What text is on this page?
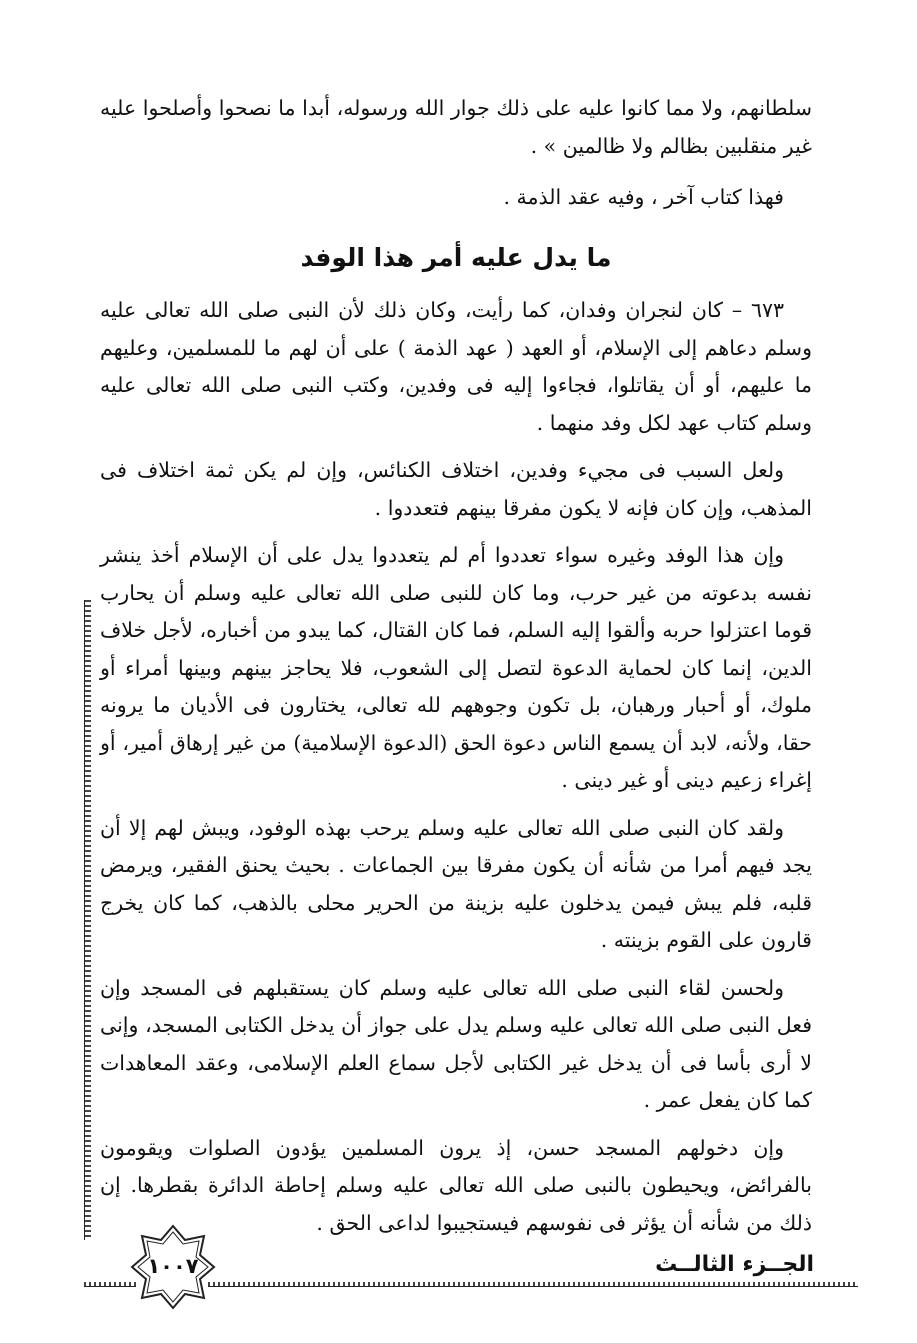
سلطانهم، ولا مما كانوا عليه على ذلك جوار الله ورسوله، أبدا ما نصحوا وأصلحوا عليه غير منقلبين بظالم ولا ظالمين » .

فهذا كتاب آخر ، وفيه عقد الذمة .

ما يدل عليه أمر هذا الوفد

٦٧٣ – كان لنجران وفدان، كما رأيت، وكان ذلك لأن النبى صلى الله تعالى عليه وسلم دعاهم إلى الإسلام، أو العهد ( عهد الذمة ) على أن لهم ما للمسلمين، وعليهم ما عليهم، أو أن يقاتلوا، فجاءوا إليه فى وفدين، وكتب النبى صلى الله تعالى عليه وسلم كتاب عهد لكل وفد منهما .

ولعل السبب فى مجيء وفدين، اختلاف الكنائس، وإن لم يكن ثمة اختلاف فى المذهب، وإن كان فإنه لا يكون مفرقا بينهم فتعددوا .

وإن هذا الوفد وغيره سواء تعددوا أم لم يتعددوا يدل على أن الإسلام أخذ ينشر نفسه بدعوته من غير حرب، وما كان للنبى صلى الله تعالى عليه وسلم أن يحارب قوما اعتزلوا حربه وألقوا إليه السلم، فما كان القتال، كما يبدو من أخباره، لأجل خلاف الدين، إنما كان لحماية الدعوة لتصل إلى الشعوب، فلا يحاجز بينهم وبينها أمراء أو ملوك، أو أحبار ورهبان، بل تكون وجوههم لله تعالى، يختارون فى الأديان ما يرونه حقا، ولأنه، لابد أن يسمع الناس دعوة الحق (الدعوة الإسلامية) من غير إرهاق أمير، أو إغراء زعيم دينى أو غير دينى .

ولقد كان النبى صلى الله تعالى عليه وسلم يرحب بهذه الوفود، ويبش لهم إلا أن يجد فيهم أمرا من شأنه أن يكون مفرقا بين الجماعات . بحيث يحنق الفقير، ويرمض قلبه، فلم يبش فيمن يدخلون عليه بزينة من الحرير محلى بالذهب، كما كان يخرج قارون على القوم بزينته .

ولحسن لقاء النبى صلى الله تعالى عليه وسلم كان يستقبلهم فى المسجد وإن فعل النبى صلى الله تعالى عليه وسلم يدل على جواز أن يدخل الكتابى المسجد، وإنى لا أرى بأسا فى أن يدخل غير الكتابى لأجل سماع العلم الإسلامى، وعقد المعاهدات كما كان يفعل عمر .

وإن دخولهم المسجد حسن، إذ يرون المسلمين يؤدون الصلوات ويقومون بالفرائض، ويحيطون بالنبى صلى الله تعالى عليه وسلم إحاطة الدائرة بقطرها. إن ذلك من شأنه أن يؤثر فى نفوسهم فيستجيبوا لداعى الحق .

١٠٠٧	الجــزء الثالــث
